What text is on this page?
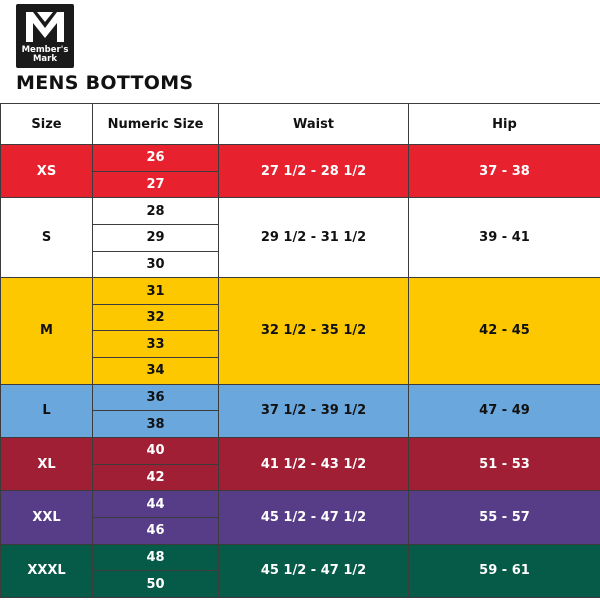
Member's
Mark
MENS BOTTOMS
Size	Numeric Size	Waist	Hip
XS	26	27 1/2 - 28 1/2	37 - 38
	27		
S	28	29 1/2 - 31 1/2	39 - 41
	29		
	30		
M	31	32 1/2 - 35 1/2	42 - 45
	32		
	33		
	34		
L	36	37 1/2 - 39 1/2	47 - 49
	38		
XL	40	41 1/2 - 43 1/2	51 - 53
	42		
XXL	44	45 1/2 - 47 1/2	55 - 57
	46		
XXXL	48	45 1/2 - 47 1/2	59 - 61
	50		
